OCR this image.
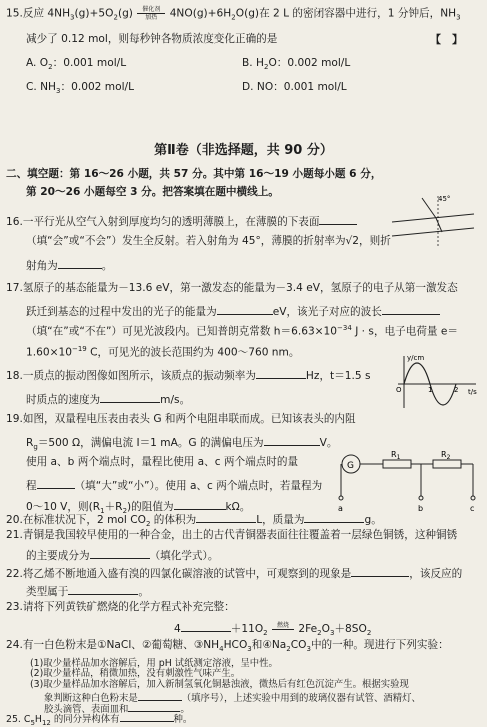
15.反应 $4NH_3(g)+5O_2(g)$ 催化剂
加热 $4NO(g)+6H_2O(g)$在 2 L 的密闭容器中进行，1 分钟后，$NH_3$
减少了 0.12 mol，则每秒钟各物质浓度变化正确的是	【　】
A. $O_2$：0.001 mol/L	B. $H_2O$：0.002 mol/L
C. $NH_3$：0.002 mol/L	D. NO：0.001 mol/L
第Ⅱ卷（非选择题，共 90 分）
二、填空题：第 16～26 小题，共 57 分。其中第 16～19 小题每小题 6 分，
第 20～26 小题每空 3 分。把答案填在题中横线上。
16.一平行光从空气入射到厚度均匀的透明薄膜上，在薄膜的下表面
（填“会”或“不会”）发生全反射。若入射角为 45°，薄膜的折射率为√2，则折
射角为	。
45°
17.氢原子的基态能量为－13.6 eV，第一激发态的能量为－3.4 eV，氢原子的电子从第一激发态
跃迁到基态的过程中发出的光子的能量为	eV，该光子对应的波长
（填“在”或“不在”）可见光波段内。已知普朗克常数 $h=6.63\times 10^{-34}$ J · s，电子电荷量 e＝
$1.60\times 10^{-19}$ C，可见光的波长范围约为 400～760 nm。
18.一质点的振动图像如图所示，该质点的振动频率为	Hz，t＝1.5 s
时质点的速度为	m/s。
y/cm
t/s
O	1	2
19.如图，双量程电压表由表头 G 和两个电阻串联而成。已知该表头的内阻
$R_g=500$ Ω，满偏电流 I＝1 mA。G 的满偏电压为	V。
使用 a、b 两个端点时，量程比使用 a、c 两个端点时的量
程	（填“大”或“小”）。使用 a、c 两个端点时，若量程为
0～10 V，则$(R_1+R_2)$的阻值为	kΩ。
G
$R_1$	$R_2$
a	b	c
20.在标准状况下，2 mol $CO_2$ 的体积为	L，质量为	g。
21.青铜是我国较早使用的一种合金，出土的古代青铜器表面往往覆盖着一层绿色铜锈，这种铜锈
的主要成分为	（填化学式）。
22.将乙烯不断地通入盛有溴的四氯化碳溶液的试管中，可观察到的现象是	，该反应的
类型属于	。
23.请将下列黄铁矿燃烧的化学方程式补充完整：
4	$+11O_2$ 燃烧 $2Fe_2O_3+8SO_2$
24.有一白色粉末是①NaCl、②葡萄糖、$③NH_4HCO_3$和$④Na_2CO_3$中的一种。现进行下列实验：
(1)取少量样品加水溶解后，用 pH 试纸测定溶液，呈中性。
(2)取少量样品，稍微加热，没有刺激性气味产生。
(3)取少量样品加水溶解后，加入新制氢氧化铜悬浊液，微热后有红色沉淀产生。根据实验现
象判断这种白色粉末是	（填序号），上述实验中用到的玻璃仪器有试管、酒精灯、
胶头滴管、表面皿和	。
25. $C_5H_{12}$ 的同分异构体有	种。
